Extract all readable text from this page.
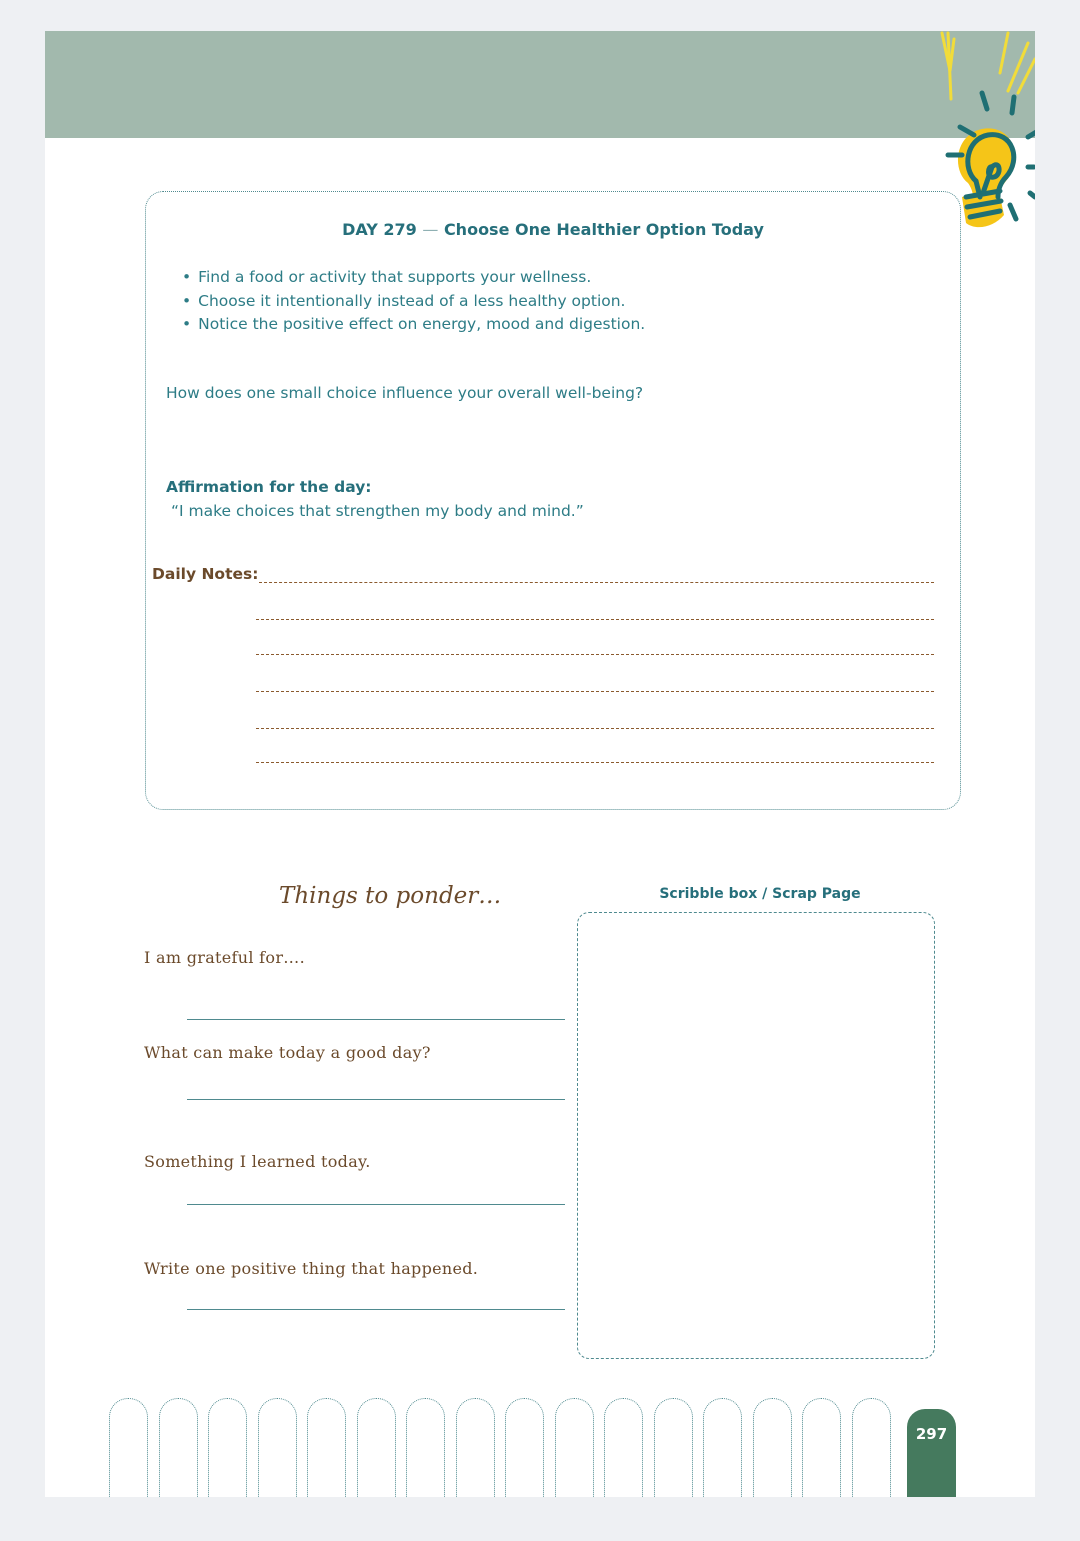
DAY 279 — Choose One Healthier Option Today
• Find a food or activity that supports your wellness.
• Choose it intentionally instead of a less healthy option.
• Notice the positive effect on energy, mood and digestion.
How does one small choice influence your overall well-being?
Affirmation for the day:
“I make choices that strengthen my body and mind.”
Daily Notes:
Things to ponder…
I am grateful for….
What can make today a good day?
Something I learned today.
Write one positive thing that happened.
Scribble box / Scrap Page
297
